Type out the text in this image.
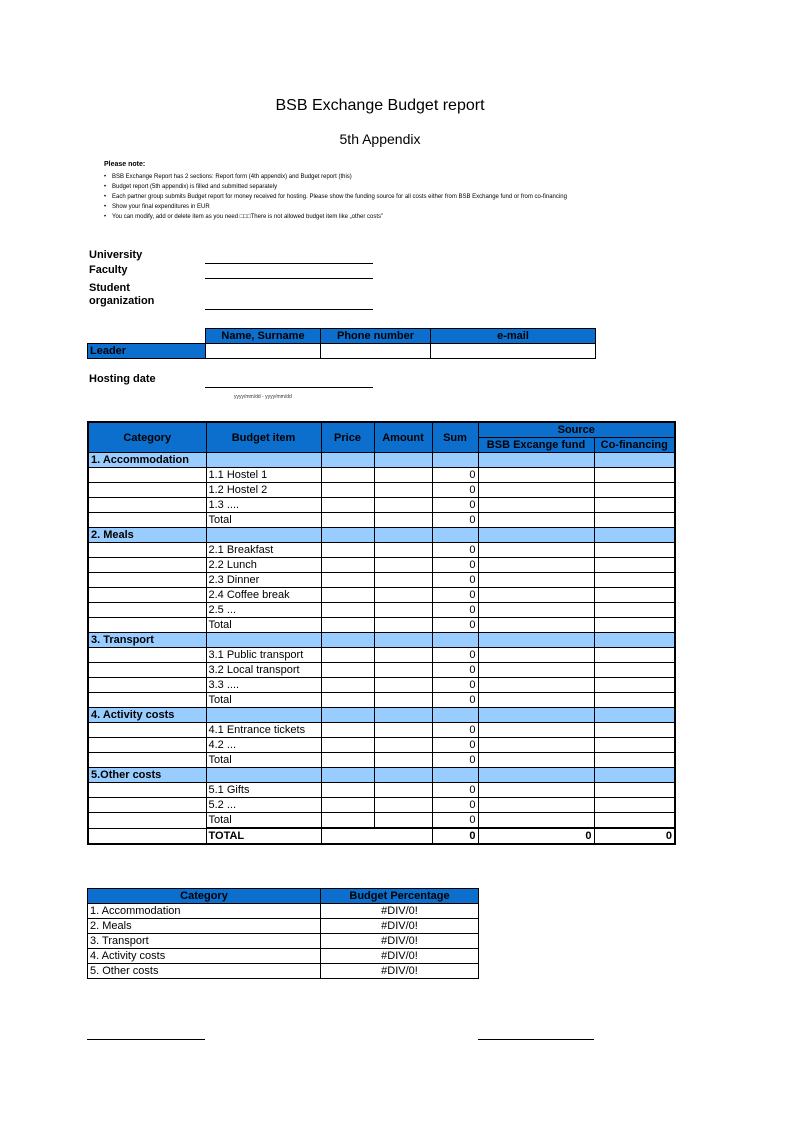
BSB Exchange Budget report
5th Appendix
Please note:
• BSB Exchange Report has 2 sections: Report form (4th appendix) and Budget report (this)
• Budget report (5th appendix) is filled and submitted separately
• Each partner group submits Budget report for money received for hosting. Please show the funding source for all costs either from BSB Exchange fund or from co-financing
• Show your final expenditures in EUR
• You can modify, add or delete item as you need □□□There is not allowed budget item like „other costs”
University
Faculty
Student
organization
	Name, Surname	Phone number	e-mail
Leader			
Hosting date
yyyy/mm/dd - yyyy/mm/dd
Category	Budget item	Price	Amount	Sum	Source	
					BSB Excange fund	Co-financing
1. Accommodation						
	1.1 Hostel 1			0		
	1.2 Hostel 2			0		
	1.3 ....			0		
	Total			0		
2. Meals						
	2.1 Breakfast			0		
	2.2 Lunch			0		
	2.3 Dinner			0		
	2.4 Coffee break			0		
	2.5 ...			0		
	Total			0		
3. Transport						
	3.1 Public transport			0		
	3.2 Local transport			0		
	3.3 ....			0		
	Total			0		
4. Activity costs						
	4.1 Entrance tickets			0		
	4.2 ...			0		
	Total			0		
5.Other costs						
	5.1 Gifts			0		
	5.2 ...			0		
	Total			0		
	TOTAL			0	0	0
Category	Budget Percentage
1. Accommodation	#DIV/0!
2. Meals	#DIV/0!
3. Transport	#DIV/0!
4. Activity costs	#DIV/0!
5. Other costs	#DIV/0!
